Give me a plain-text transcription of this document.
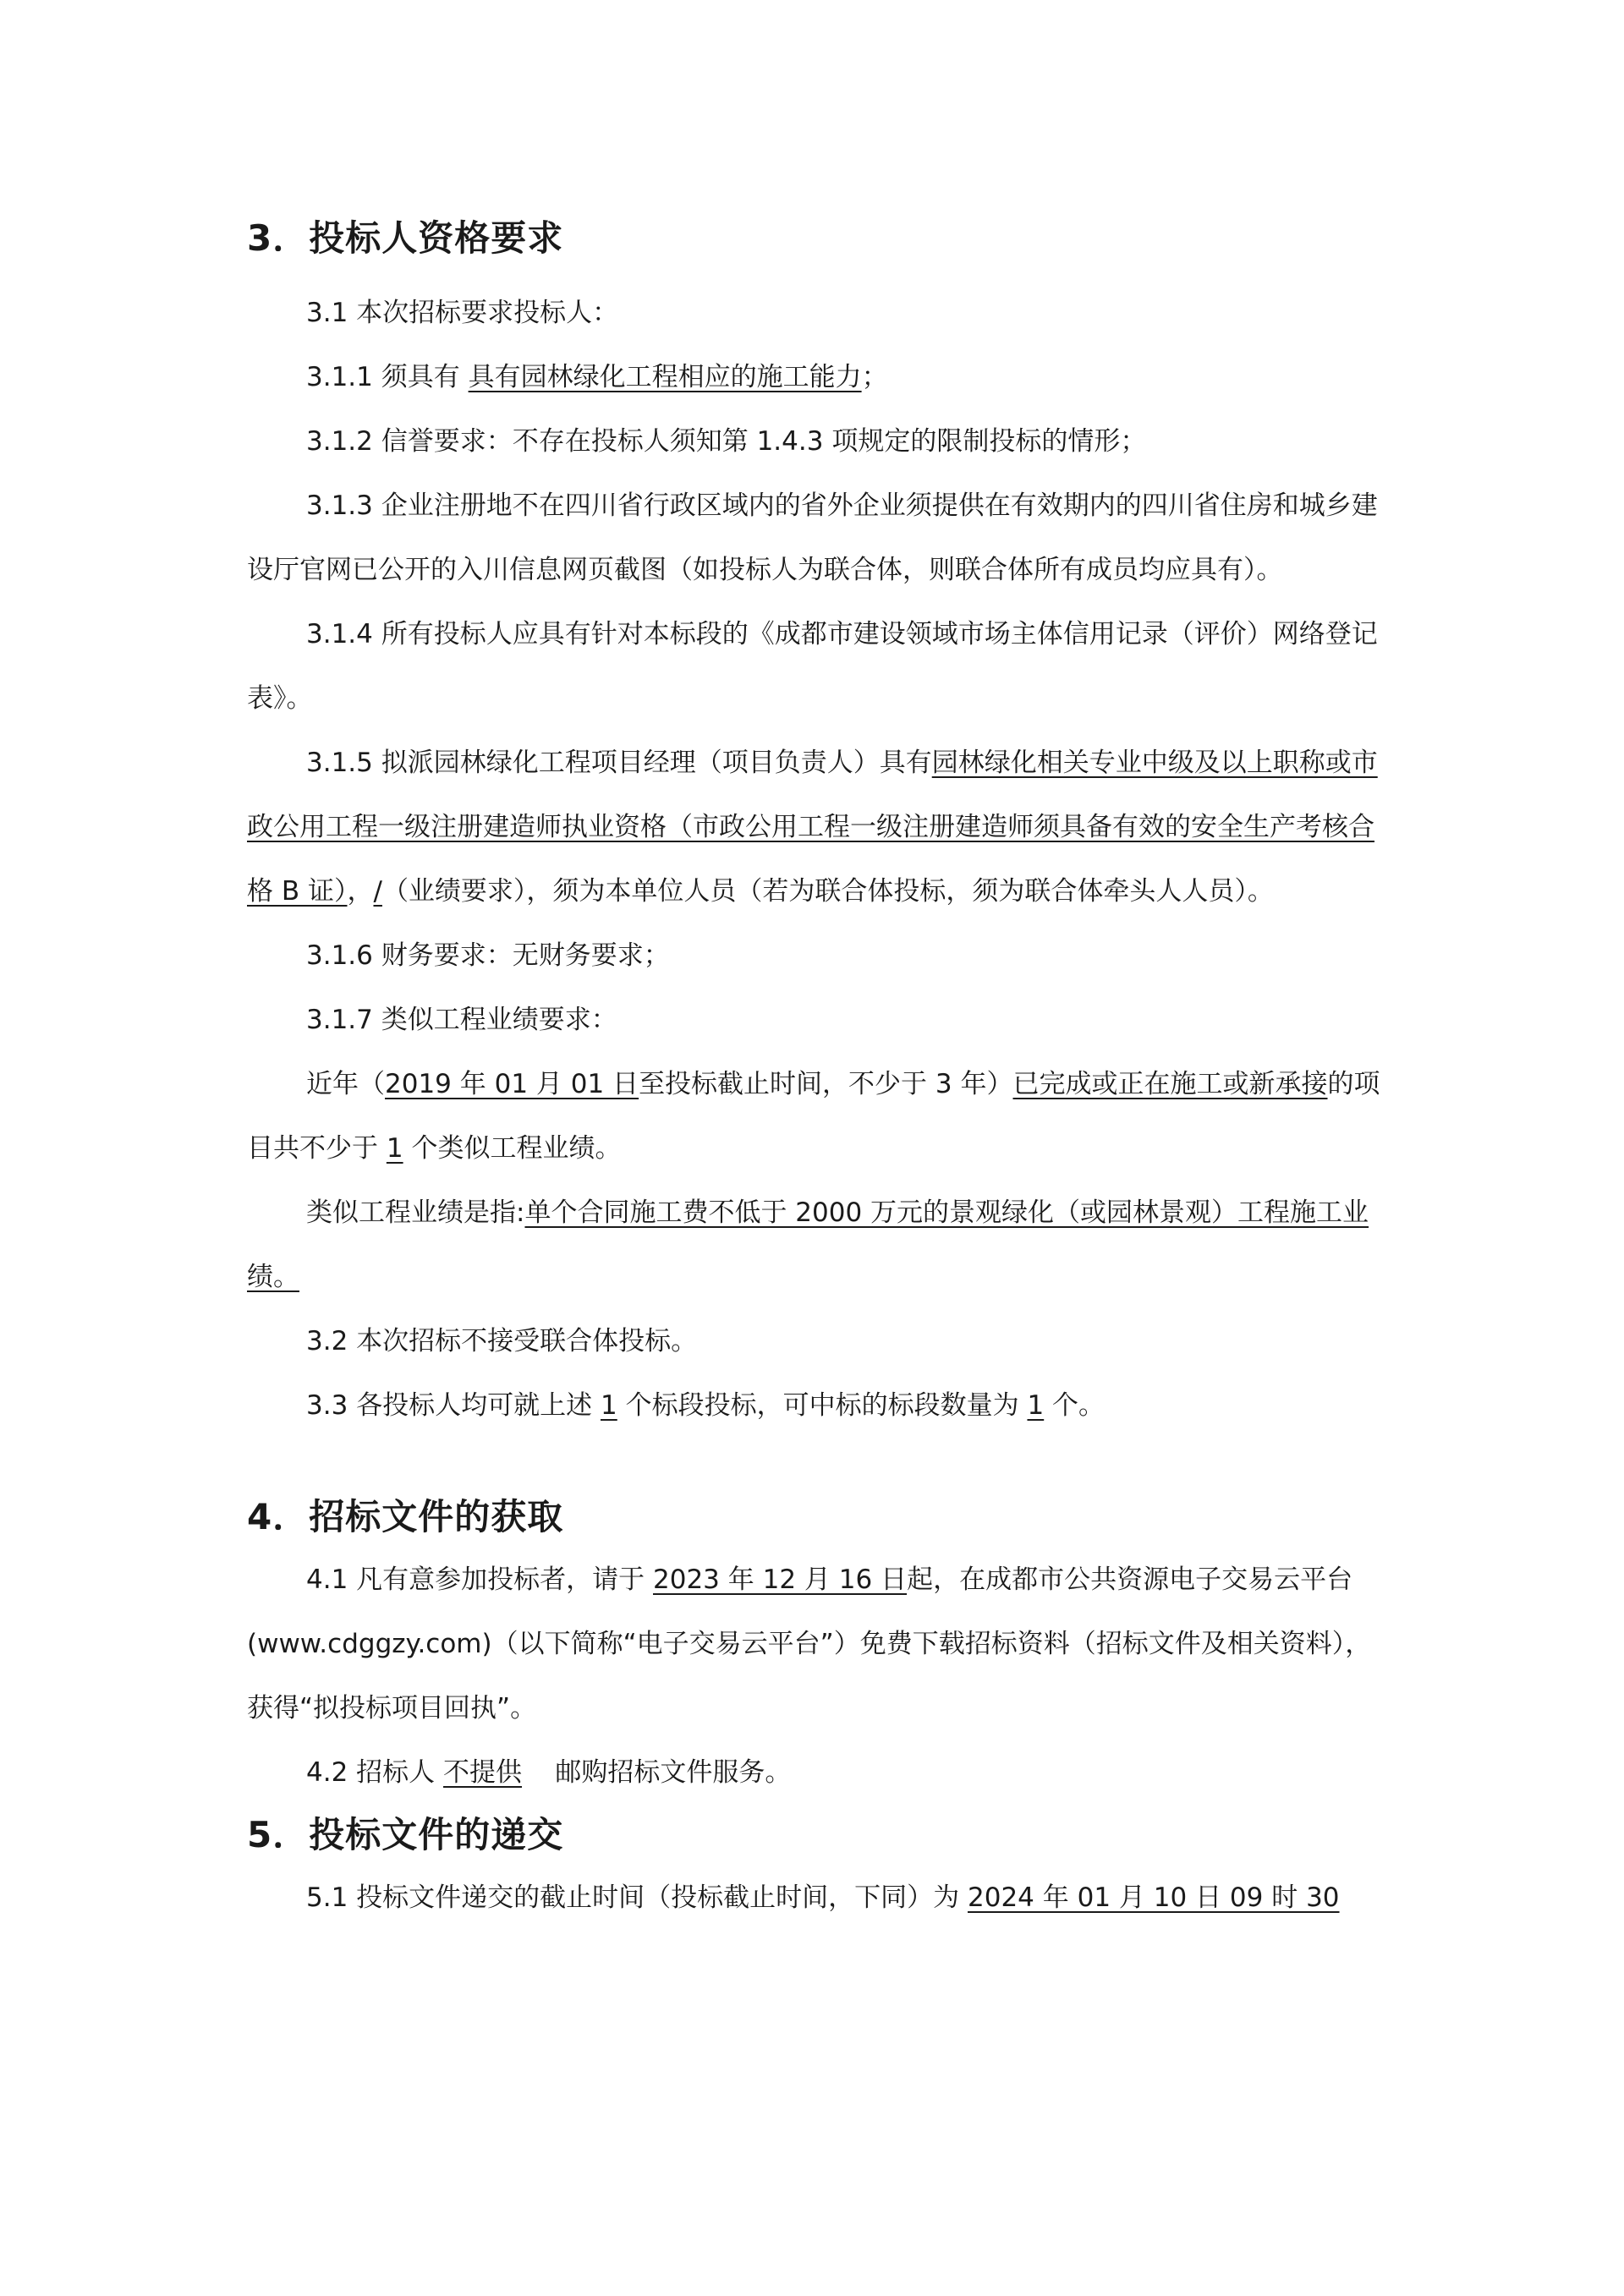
3．投标人资格要求

3.1 本次招标要求投标人：

3.1.1 须具有 具有园林绿化工程相应的施工能力；

3.1.2 信誉要求：不存在投标人须知第 1.4.3 项规定的限制投标的情形；

3.1.3 企业注册地不在四川省行政区域内的省外企业须提供在有效期内的四川省住房和城乡建设厅官网已公开的入川信息网页截图（如投标人为联合体，则联合体所有成员均应具有）。

3.1.4 所有投标人应具有针对本标段的《成都市建设领域市场主体信用记录（评价）网络登记表》。

3.1.5 拟派园林绿化工程项目经理（项目负责人）具有园林绿化相关专业中级及以上职称或市政公用工程一级注册建造师执业资格（市政公用工程一级注册建造师须具备有效的安全生产考核合格 B 证），/（业绩要求），须为本单位人员（若为联合体投标，须为联合体牵头人人员）。

3.1.6 财务要求：无财务要求；

3.1.7 类似工程业绩要求：

近年（2019 年 01 月 01 日至投标截止时间，不少于 3 年）已完成或正在施工或新承接的项目共不少于 1 个类似工程业绩。

类似工程业绩是指:单个合同施工费不低于 2000 万元的景观绿化（或园林景观）工程施工业绩。

3.2 本次招标不接受联合体投标。

3.3 各投标人均可就上述 1 个标段投标，可中标的标段数量为 1 个。

4．招标文件的获取

4.1 凡有意参加投标者，请于 2023 年 12 月 16 日起，在成都市公共资源电子交易云平台(www.cdggzy.com)（以下简称“电子交易云平台”）免费下载招标资料（招标文件及相关资料），获得“拟投标项目回执”。

4.2 招标人 不提供    邮购招标文件服务。

5．投标文件的递交

5.1 投标文件递交的截止时间（投标截止时间，下同）为 2024 年 01 月 10 日 09 时 30
